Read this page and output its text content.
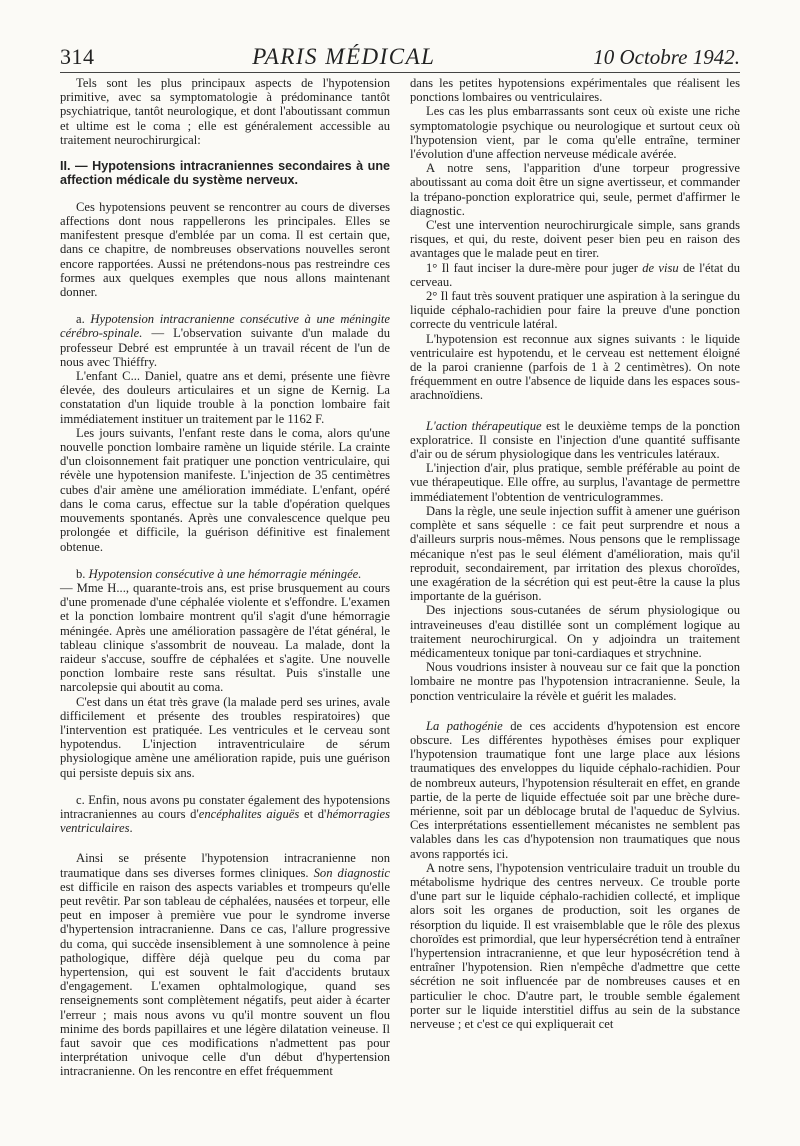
314	PARIS MÉDICAL	10 Octobre 1942.

Tels sont les plus principaux aspects de l'hypotension primitive, avec sa symptomatologie à prédominance tantôt psychiatrique, tantôt neurologique, et dont l'aboutissant commun et ultime est le coma ; elle est généralement accessible au traitement neurochirurgical:

II. — Hypotensions intracraniennes secondaires à une affection médicale du système nerveux.

Ces hypotensions peuvent se rencontrer au cours de diverses affections dont nous rappellerons les principales. Elles se manifestent presque d'emblée par un coma. Il est certain que, dans ce chapitre, de nombreuses observations nouvelles seront encore rapportées. Aussi ne prétendons-nous pas restreindre ces formes aux quelques exemples que nous allons maintenant donner.

a. Hypotension intracranienne consécutive à une méningite cérébro-spinale. — L'observation suivante d'un malade du professeur Debré est empruntée à un travail récent de l'un de nous avec Thiéffry.

L'enfant C... Daniel, quatre ans et demi, présente une fièvre élevée, des douleurs articulaires et un signe de Kernig. La constatation d'un liquide trouble à la ponction lombaire fait immédiatement instituer un traitement par le 1162 F.

Les jours suivants, l'enfant reste dans le coma, alors qu'une nouvelle ponction lombaire ramène un liquide stérile. La crainte d'un cloisonnement fait pratiquer une ponction ventriculaire, qui révèle une hypotension manifeste. L'injection de 35 centimètres cubes d'air amène une amélioration immédiate. L'enfant, opéré dans le coma carus, effectue sur la table d'opération quelques mouvements spontanés. Après une convalescence quelque peu prolongée et difficile, la guérison définitive est finalement obtenue.

b. Hypotension consécutive à une hémorragie méningée.

— Mme H..., quarante-trois ans, est prise brusquement au cours d'une promenade d'une céphalée violente et s'effondre. L'examen et la ponction lombaire montrent qu'il s'agit d'une hémorragie méningée. Après une amélioration passagère de l'état général, le tableau clinique s'assombrit de nouveau. La malade, dont la raideur s'accuse, souffre de céphalées et s'agite. Une nouvelle ponction lombaire reste sans résultat. Puis s'installe une narcolepsie qui aboutit au coma.

C'est dans un état très grave (la malade perd ses urines, avale difficilement et présente des troubles respiratoires) que l'intervention est pratiquée. Les ventricules et le cerveau sont hypotendus. L'injection intraventriculaire de sérum physiologique amène une amélioration rapide, puis une guérison qui persiste depuis six ans.

c. Enfin, nous avons pu constater également des hypotensions intracraniennes au cours d'encéphalites aiguës et d'hémorragies ventriculaires.

Ainsi se présente l'hypotension intracranienne non traumatique dans ses diverses formes cliniques. Son diagnostic est difficile en raison des aspects variables et trompeurs qu'elle peut revêtir. Par son tableau de céphalées, nausées et torpeur, elle peut en imposer à première vue pour le syndrome inverse d'hypertension intracranienne. Dans ce cas, l'allure progressive du coma, qui succède insensiblement à une somnolence à peine pathologique, diffère déjà quelque peu du coma par hypertension, qui est souvent le fait d'accidents brutaux d'engagement. L'examen ophtalmologique, quand ses renseignements sont complètement négatifs, peut aider à écarter l'erreur ; mais nous avons vu qu'il montre souvent un flou minime des bords papillaires et une légère dilatation veineuse. Il faut savoir que ces modifications n'admettent pas pour interprétation univoque celle d'un début d'hypertension intracranienne. On les rencontre en effet fréquemment

dans les petites hypotensions expérimentales que réalisent les ponctions lombaires ou ventriculaires.

Les cas les plus embarrassants sont ceux où existe une riche symptomatologie psychique ou neurologique et surtout ceux où l'hypotension vient, par le coma qu'elle entraîne, terminer l'évolution d'une affection nerveuse médicale avérée.

A notre sens, l'apparition d'une torpeur progressive aboutissant au coma doit être un signe avertisseur, et commander la trépano-ponction exploratrice qui, seule, permet d'affirmer le diagnostic.

C'est une intervention neurochirurgicale simple, sans grands risques, et qui, du reste, doivent peser bien peu en raison des avantages que le malade peut en tirer.

1° Il faut inciser la dure-mère pour juger de visu de l'état du cerveau.

2° Il faut très souvent pratiquer une aspiration à la seringue du liquide céphalo-rachidien pour faire la preuve d'une ponction correcte du ventricule latéral.

L'hypotension est reconnue aux signes suivants : le liquide ventriculaire est hypotendu, et le cerveau est nettement éloigné de la paroi cranienne (parfois de 1 à 2 centimètres). On note fréquemment en outre l'absence de liquide dans les espaces sous-arachnoïdiens.

L'action thérapeutique est le deuxième temps de la ponction exploratrice. Il consiste en l'injection d'une quantité suffisante d'air ou de sérum physiologique dans les ventricules latéraux.

L'injection d'air, plus pratique, semble préférable au point de vue thérapeutique. Elle offre, au surplus, l'avantage de permettre immédiatement l'obtention de ventriculogrammes.

Dans la règle, une seule injection suffit à amener une guérison complète et sans séquelle : ce fait peut surprendre et nous a d'ailleurs surpris nous-mêmes. Nous pensons que le remplissage mécanique n'est pas le seul élément d'amélioration, mais qu'il reproduit, secondairement, par irritation des plexus choroïdes, une exagération de la sécrétion qui est peut-être la cause la plus importante de la guérison.

Des injections sous-cutanées de sérum physiologique ou intraveineuses d'eau distillée sont un complément logique au traitement neurochirurgical. On y adjoindra un traitement médicamenteux tonique par toni-cardiaques et strychnine.

Nous voudrions insister à nouveau sur ce fait que la ponction lombaire ne montre pas l'hypotension intracranienne. Seule, la ponction ventriculaire la révèle et guérit les malades.

La pathogénie de ces accidents d'hypotension est encore obscure. Les différentes hypothèses émises pour expliquer l'hypotension traumatique font une large place aux lésions traumatiques des enveloppes du liquide céphalo-rachidien. Pour de nombreux auteurs, l'hypotension résulterait en effet, en grande partie, de la perte de liquide effectuée soit par une brèche dure-mérienne, soit par un déblocage brutal de l'aqueduc de Sylvius. Ces interprétations essentiellement mécanistes ne semblent pas valables dans les cas d'hypotension non traumatiques que nous avons rapportés ici.

A notre sens, l'hypotension ventriculaire traduit un trouble du métabolisme hydrique des centres nerveux. Ce trouble porte d'une part sur le liquide céphalo-rachidien collecté, et implique alors soit les organes de production, soit les organes de résorption du liquide. Il est vraisemblable que le rôle des plexus choroïdes est primordial, que leur hypersécrétion tend à entraîner l'hypertension intracranienne, et que leur hyposécrétion tend à entraîner l'hypotension. Rien n'empêche d'admettre que cette sécrétion ne soit influencée par de nombreuses causes et en particulier le choc. D'autre part, le trouble semble également porter sur le liquide interstitiel diffus au sein de la substance nerveuse ; et c'est ce qui expliquerait cet
